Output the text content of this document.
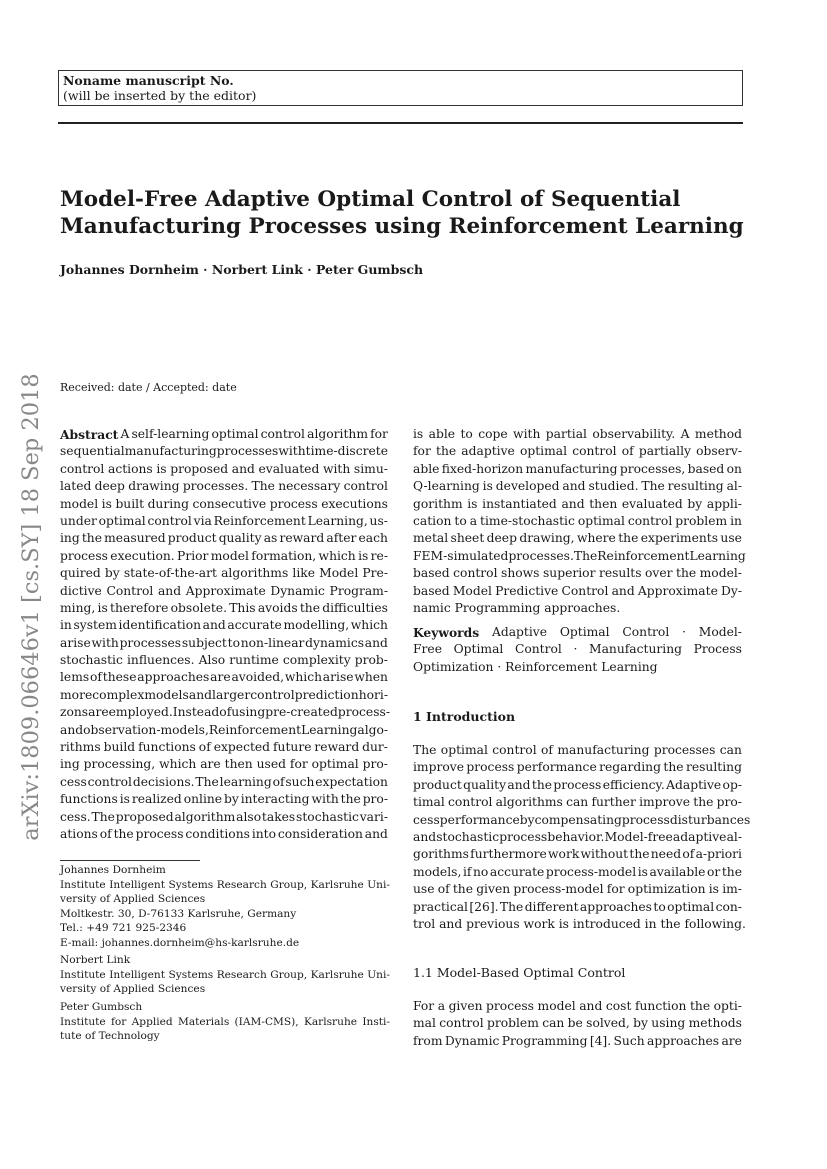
Noname manuscript No.
(will be inserted by the editor)
Model-Free Adaptive Optimal Control of Sequential
Manufacturing Processes using Reinforcement Learning
Johannes Dornheim · Norbert Link · Peter Gumbsch
arXiv:1809.06646v1 [cs.SY] 18 Sep 2018 Received: date / Accepted: date
Abstract A self-learning optimal control algorithm for
sequential manufacturing processes with time-discrete
control actions is proposed and evaluated with simu-
lated deep drawing processes. The necessary control
model is built during consecutive process executions
under optimal control via Reinforcement Learning, us-
ing the measured product quality as reward after each
process execution. Prior model formation, which is re-
quired by state-of-the-art algorithms like Model Pre-
dictive Control and Approximate Dynamic Program-
ming, is therefore obsolete. This avoids the difficulties
in system identification and accurate modelling, which
arise with processes subject to non-linear dynamics and
stochastic influences. Also runtime complexity prob-
lems of these approaches are avoided, which arise when
more complex models and larger control prediction hori-
zons are employed. Instead of using pre-created process-
and observation-models, Reinforcement Learning algo-
rithms build functions of expected future reward dur-
ing processing, which are then used for optimal pro-
cess control decisions. The learning of such expectation
functions is realized online by interacting with the pro-
cess. The proposed algorithm also takes stochastic vari-
ations of the process conditions into consideration and
is able to cope with partial observability. A method
for the adaptive optimal control of partially observ-
able fixed-horizon manufacturing processes, based on
Q-learning is developed and studied. The resulting al-
gorithm is instantiated and then evaluated by appli-
cation to a time-stochastic optimal control problem in
metal sheet deep drawing, where the experiments use
FEM-simulated processes. The Reinforcement Learning
based control shows superior results over the model-
based Model Predictive Control and Approximate Dy-
namic Programming approaches.
Keywords Adaptive Optimal Control · Model-
Free Optimal Control · Manufacturing Process
Optimization · Reinforcement Learning
Johannes Dornheim
Institute Intelligent Systems Research Group, Karlsruhe Uni-
versity of Applied Sciences
Moltkestr. 30, D-76133 Karlsruhe, Germany
Tel.: +49 721 925-2346
E-mail: johannes.dornheim@hs-karlsruhe.de
Norbert Link
Institute Intelligent Systems Research Group, Karlsruhe Uni-
versity of Applied Sciences
Peter Gumbsch
Institute for Applied Materials (IAM-CMS), Karlsruhe Insti-
tute of Technology
1 Introduction
The optimal control of manufacturing processes can
improve process performance regarding the resulting
product quality and the process efficiency. Adaptive op-
timal control algorithms can further improve the pro-
cess performance by compensating process disturbances
and stochastic process behavior. Model-free adaptive al-
gorithms furthermore work without the need of a-priori
models, if no accurate process-model is available or the
use of the given process-model for optimization is im-
practical [26]. The different approaches to optimal con-
trol and previous work is introduced in the following.
1.1 Model-Based Optimal Control
For a given process model and cost function the opti-
mal control problem can be solved, by using methods
from Dynamic Programming [4]. Such approaches are
